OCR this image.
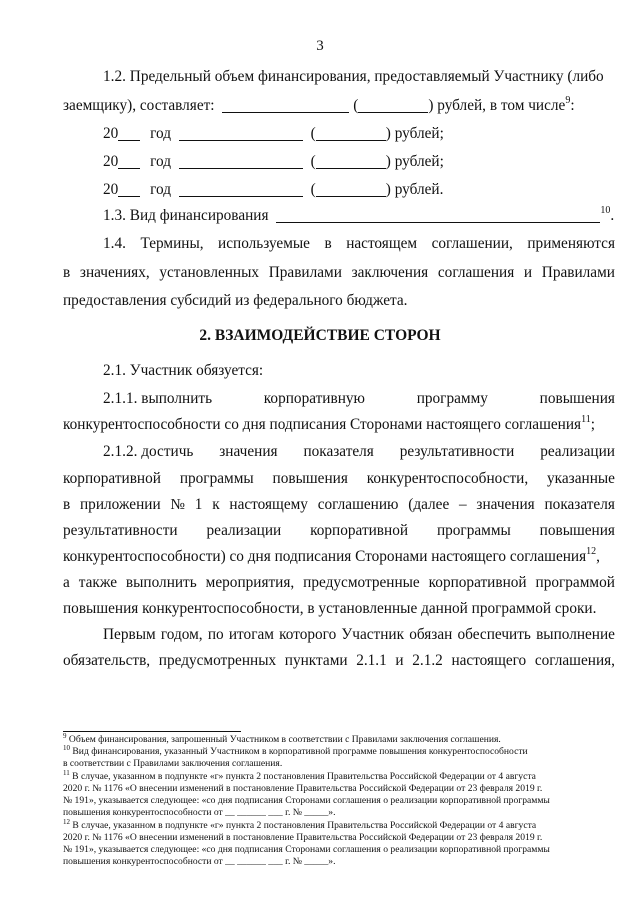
3
1.2. Предельный объем финансирования, предоставляемый Участнику (либо
заемщику), составляет:	(	) рублей, в том числе$^9$:
20 год	(	) рублей;
20 год	(	) рублей;
20 год	(	) рублей.
1.3. Вид финансирования	$^{10}$.
1.4. Термины, используемые в настоящем соглашении, применяются
в значениях, установленных Правилами заключения соглашения и Правилами
предоставления субсидий из федерального бюджета.
2. ВЗАИМОДЕЙСТВИЕ СТОРОН
2.1. Участник обязуется:
2.1.1. выполнить	корпоративную	программу	повышения
конкурентоспособности со дня подписания Сторонами настоящего соглашения$^{11}$;
2.1.2. достичь значения показателя результативности реализации
корпоративной программы повышения конкурентоспособности, указанные
в приложении № 1 к настоящему соглашению (далее – значения показателя
результативности реализации корпоративной программы повышения
конкурентоспособности) со дня подписания Сторонами настоящего соглашения$^{12}$,
а также выполнить мероприятия, предусмотренные корпоративной программой
повышения конкурентоспособности, в установленные данной программой сроки.
Первым годом, по итогам которого Участник обязан обеспечить выполнение
обязательств, предусмотренных пунктами 2.1.1 и 2.1.2 настоящего соглашения,
$^9$ Объем финансирования, запрошенный Участником в соответствии с Правилами заключения соглашения.
$^{10}$ Вид финансирования, указанный Участником в корпоративной программе повышения конкурентоспособности
в соответствии с Правилами заключения соглашения.
$^{11}$ В случае, указанном в подпункте «г» пункта 2 постановления Правительства Российской Федерации от 4 августа
2020 г. № 1176 «О внесении изменений в постановление Правительства Российской Федерации от 23 февраля 2019 г.
№ 191», указывается следующее: «со дня подписания Сторонами соглашения о реализации корпоративной программы
повышения конкурентоспособности от __ ______ ___ г. № _____».
$^{12}$ В случае, указанном в подпункте «г» пункта 2 постановления Правительства Российской Федерации от 4 августа
2020 г. № 1176 «О внесении изменений в постановление Правительства Российской Федерации от 23 февраля 2019 г.
№ 191», указывается следующее: «со дня подписания Сторонами соглашения о реализации корпоративной программы
повышения конкурентоспособности от __ ______ ___ г. № _____».
